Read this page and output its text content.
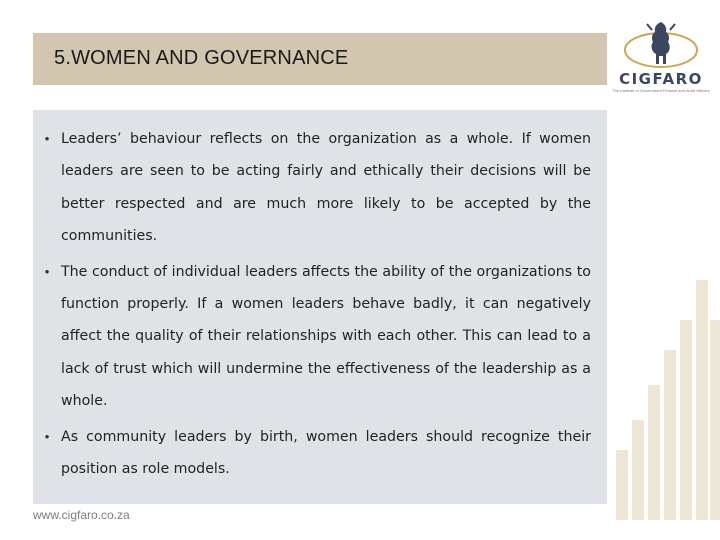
5.WOMEN AND GOVERNANCE
• Leaders’ behaviour reflects on the organization as a whole. If women leaders are seen to be acting fairly and ethically their decisions will be better respected and are much more likely to be accepted by the communities.
• The conduct of individual leaders affects the ability of the organizations to function properly. If a women leaders behave badly, it can negatively affect the quality of their relationships with each other. This can lead to a lack of trust which will undermine the effectiveness of the leadership as a whole.
• As community leaders by birth, women leaders should recognize their position as role models.
CIGFARO
The Institute of Government Finance and Audit Officers
www.cigfaro.co.za
